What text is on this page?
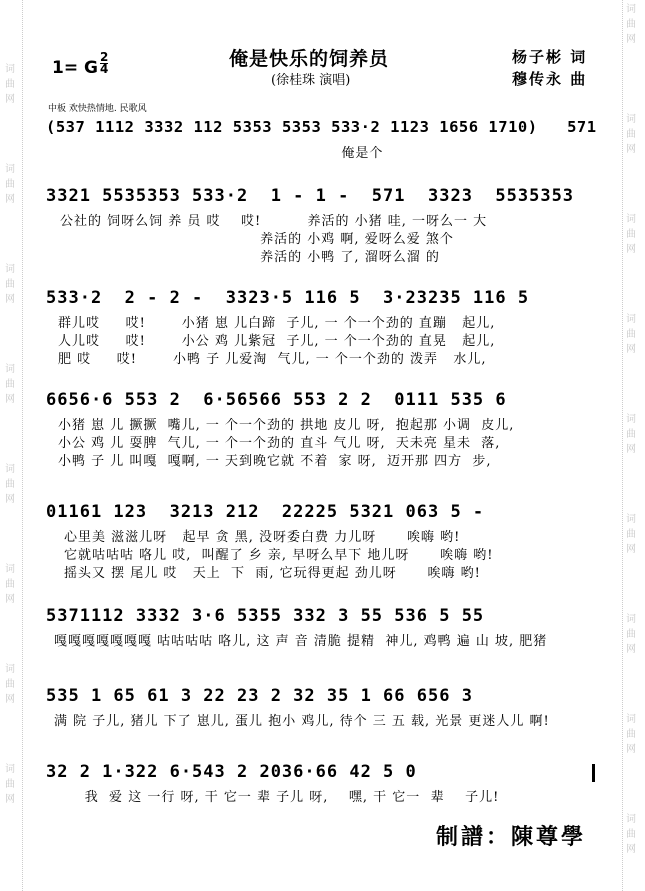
词曲网
词曲网
词曲网
词曲网
词曲网
词曲网
词曲网
词曲网
词曲网
词曲网
词曲网
词曲网
词曲网
词曲网
词曲网
词曲网
词曲网
1= G
2
4	俺是快乐的饲养员
(徐桂珠 演唱)
杨子彬 词
穆传永 曲
中板 欢快热情地. 民歌风
(537 1112 3332 112 5353 5353 533·2 1123 1656 1710)   571
俺是个
3321 5535353 533·2  1 - 1 -  571  3323  5535353
公社的 饲呀么饲 养 员 哎    哎!         养活的 小猪 哇, 一呀么一 大
养活的 小鸡 啊, 爱呀么爱 煞个
养活的 小鸭 了, 溜呀么溜 的
533·2  2 - 2 -  3323·5 116 5  3·23235 116 5
群儿哎     哎!       小猪 崽 儿白蹄  子儿, 一 个一个劲的 直蹦   起儿,
人儿哎     哎!       小公 鸡 儿紫冠  子儿, 一 个一个劲的 直晃   起儿,
肥 哎     哎!       小鸭 子 儿爱淘  气儿, 一 个一个劲的 泼弄   水儿,
6656·6 553 2  6·56566 553 2 2  0111 535 6
小猪 崽 儿 撅撅  嘴儿, 一 个一个劲的 拱地 皮儿 呀,  抱起那 小调  皮儿,
小公 鸡 儿 耍脾  气儿, 一 个一个劲的 直斗 气儿 呀,  天未亮 星未  落,
小鸭 子 儿 叫嘎  嘎啊, 一 天到晚它就 不着  家 呀,  迈开那 四方  步,
01161 123  3213 212  22225 5321 063 5 -
心里美 滋滋儿呀   起早 贪 黑, 没呀委白费 力儿呀      唉嗨 哟!
它就咕咕咕 咯儿 哎,  叫醒了 乡 亲, 早呀么早下 地儿呀      唉嗨 哟!
摇头又 摆 尾儿 哎   天上  下  雨, 它玩得更起 劲儿呀      唉嗨 哟!
5371112 3332 3·6 5355 332 3 55 536 5 55
嘎嘎嘎嘎嘎嘎嘎 咕咕咕咕 咯儿, 这 声 音 清脆 提精  神儿, 鸡鸭 遍 山 坡, 肥猪
535 1 65 61 3 22 23 2 32 35 1 66 656 3
满 院 子儿, 猪儿 下了 崽儿, 蛋儿 抱小 鸡儿, 待个 三 五 载, 光景 更迷人儿 啊!
32 2 1·322 6·543 2 2036·66 42 5 0
我  爱 这 一行 呀, 干 它一 辈 子儿 呀,    嘿, 干 它一  辈    子儿!
制譜：陳尊學
